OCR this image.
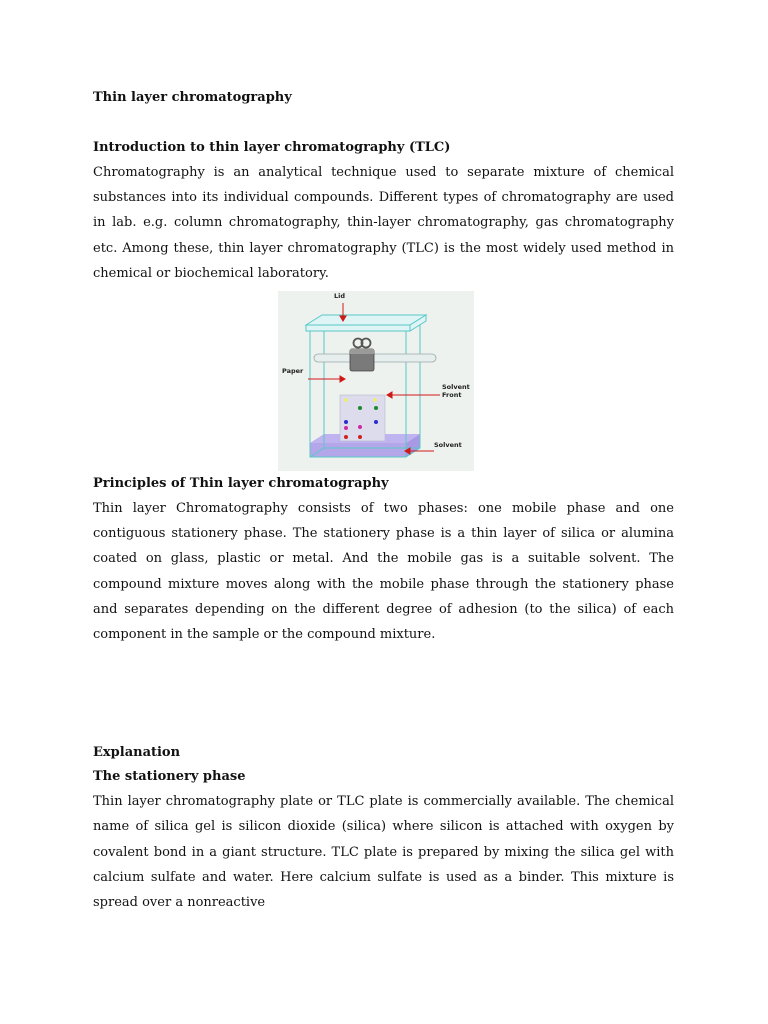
Thin layer chromatography

Introduction to thin layer chromatography (TLC)

Chromatography is an analytical technique used to separate mixture of chemical substances into its individual compounds. Different types of chromatography are used in lab. e.g. column chromatography, thin-layer chromatography, gas chromatography etc. Among these, thin layer chromatography (TLC) is the most widely used method in chemical or biochemical laboratory.

Lid
Paper
Solvent
Front
Solvent

Principles of Thin layer chromatography

Thin layer Chromatography consists of two phases: one mobile phase and one contiguous stationery phase. The stationery phase is a thin layer of silica or alumina coated on glass, plastic or metal. And the mobile gas is a suitable solvent. The compound mixture moves along with the mobile phase through the stationery phase and separates depending on the different degree of adhesion (to the silica) of each component in the sample or the compound mixture.

Explanation

The stationery phase

Thin layer chromatography plate or TLC plate is commercially available. The chemical name of silica gel is silicon dioxide (silica) where silicon is attached with oxygen by covalent bond in a giant structure. TLC plate is prepared by mixing the silica gel with calcium sulfate and water. Here calcium sulfate is used as a binder. This mixture is spread over a nonreactive
